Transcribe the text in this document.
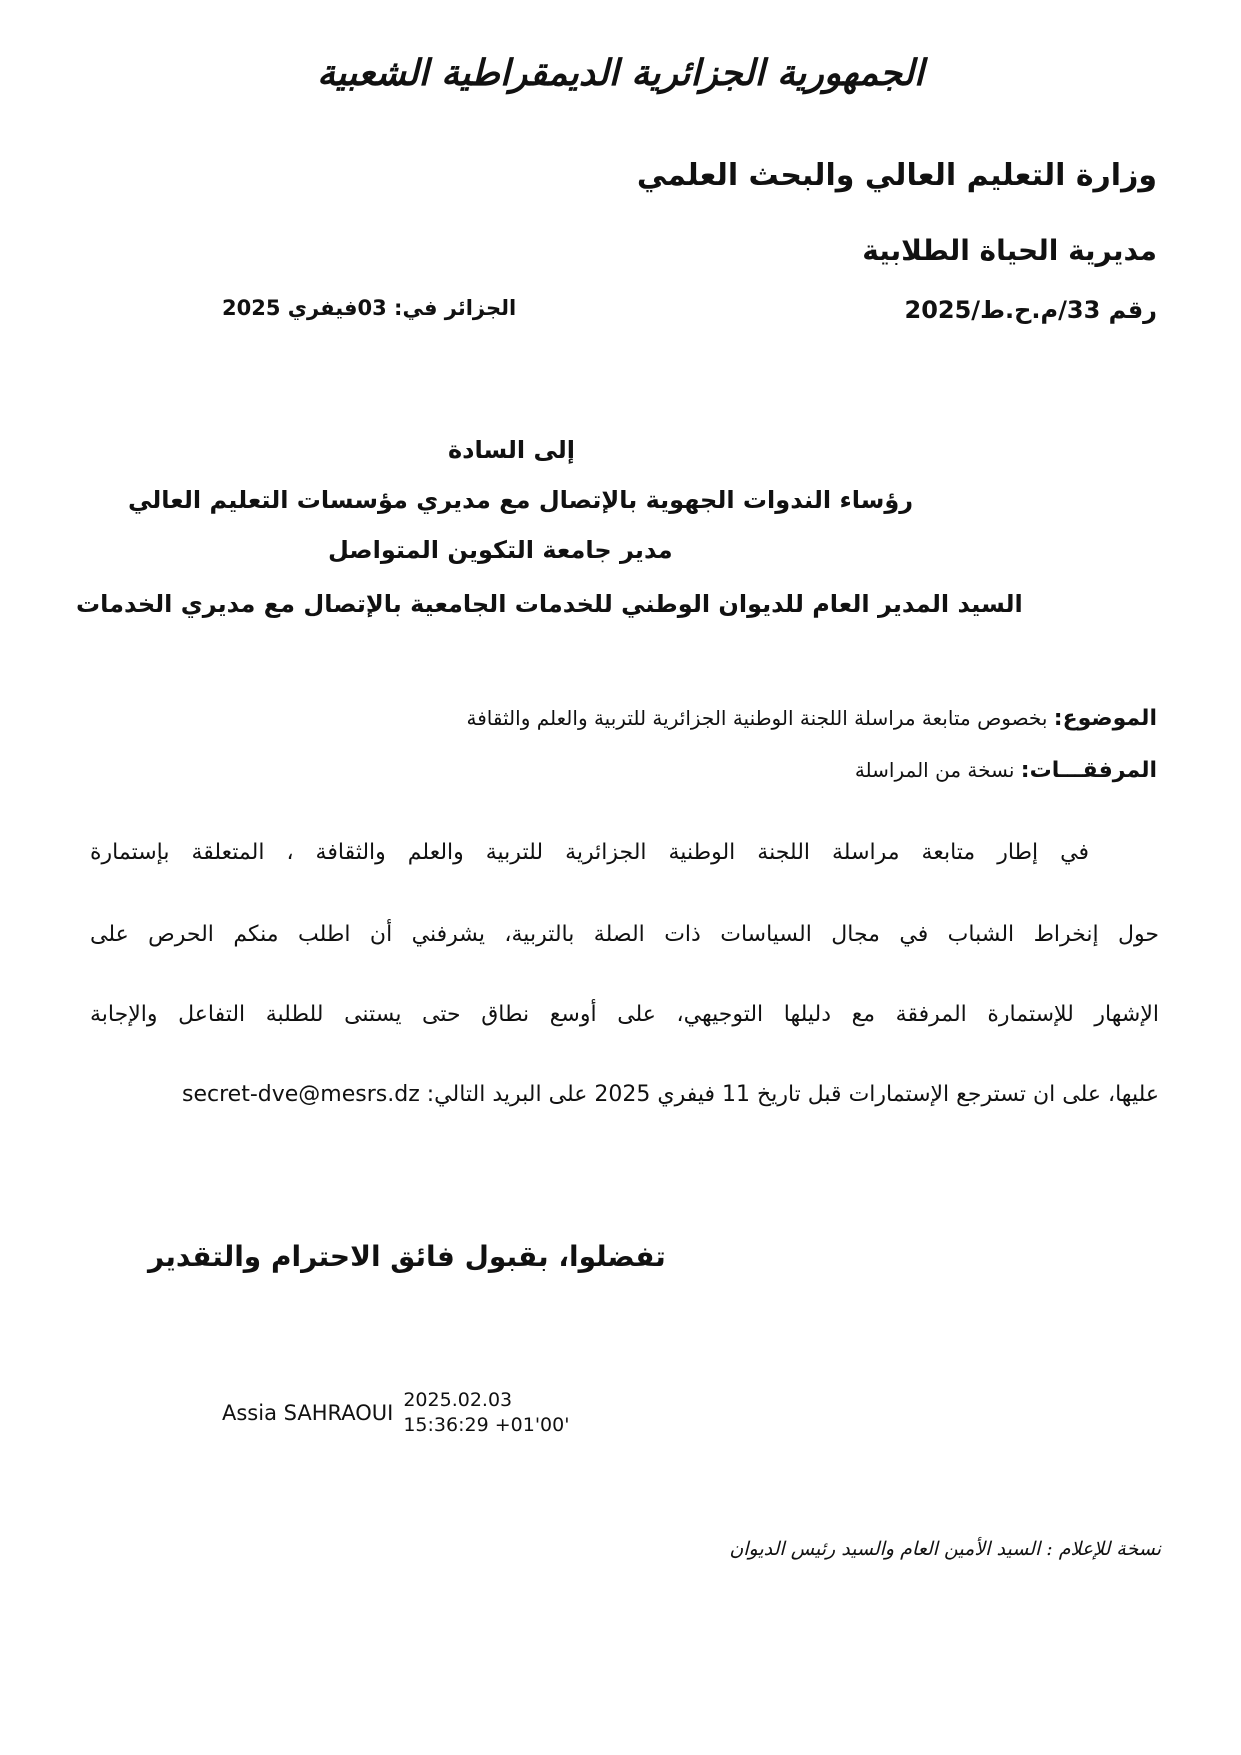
الجمهورية الجزائرية الديمقراطية الشعبية
وزارة التعليم العالي والبحث العلمي
مديرية الحياة الطلابية
رقم 33/م.ح.ط/2025
الجزائر في: 03فيفري 2025
إلى السادة
رؤساء الندوات الجهوية بالإتصال مع مديري مؤسسات التعليم العالي
مدير جامعة التكوين المتواصل
السيد المدير العام للديوان الوطني للخدمات الجامعية بالإتصال مع مديري الخدمات
الموضوع: بخصوص متابعة مراسلة اللجنة الوطنية الجزائرية للتربية والعلم والثقافة
المرفقـــات: نسخة من المراسلة
في إطار متابعة مراسلة اللجنة الوطنية الجزائرية للتربية والعلم والثقافة ، المتعلقة بإستمارة
حول إنخراط الشباب في مجال السياسات ذات الصلة بالتربية، يشرفني أن اطلب منكم الحرص على
الإشهار للإستمارة المرفقة مع دليلها التوجيهي، على أوسع نطاق حتى يستنى للطلبة التفاعل والإجابة
عليها، على ان تسترجع الإستمارات قبل تاريخ 11 فيفري 2025 على البريد التالي: secret-dve@mesrs.dz
تفضلوا، بقبول فائق الاحترام والتقدير
Assia SAHRAOUI
2025.02.03
15:36:29 +01'00'
نسخة للإعلام : السيد الأمين العام والسيد رئيس الديوان
